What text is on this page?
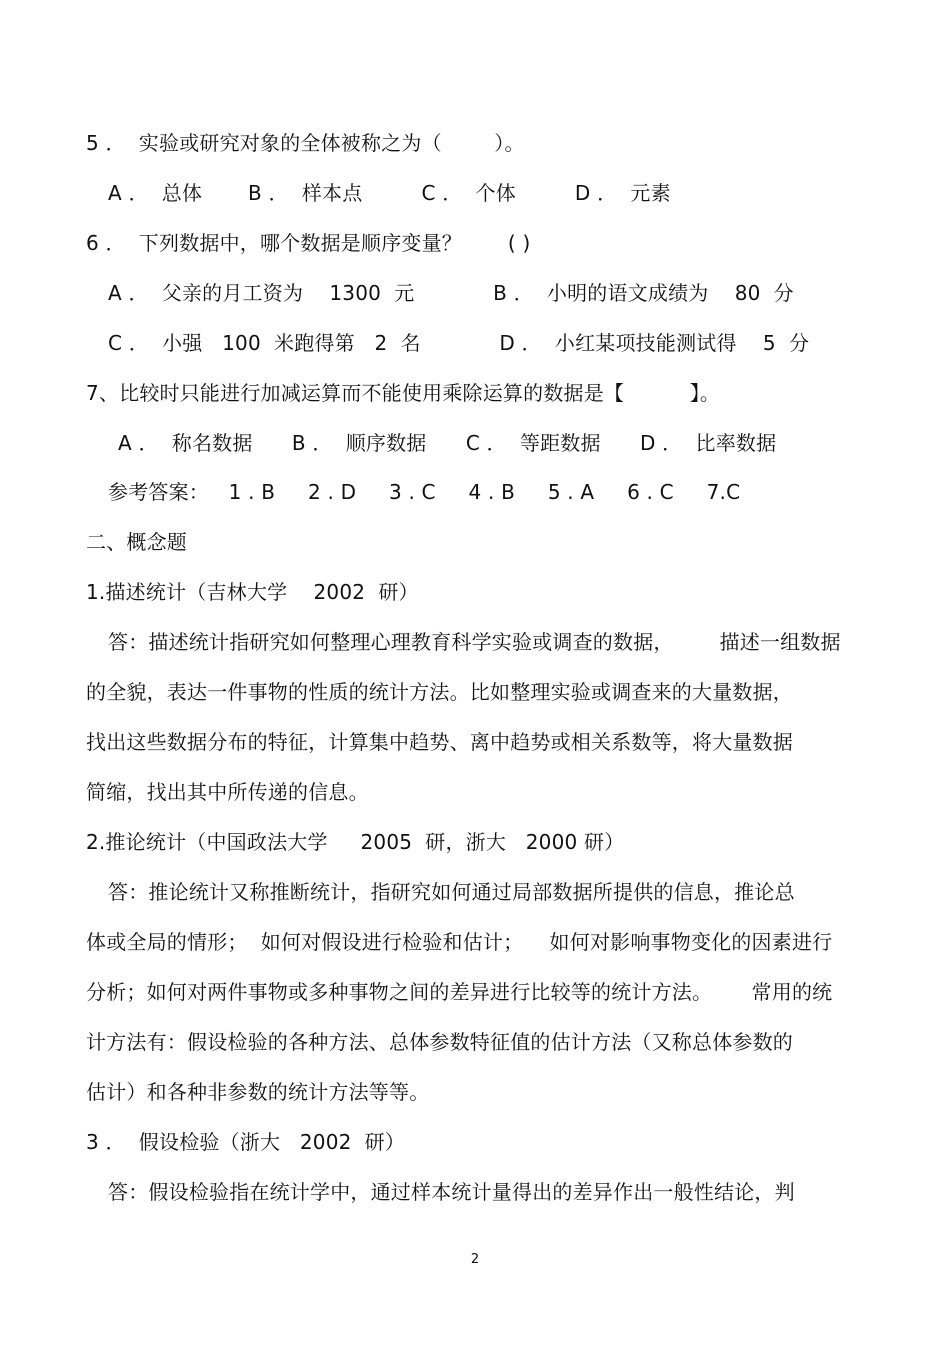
5 ．  实验或研究对象的全体被称之为（        ）。
A ．  总体       B ．  样本点         C ．  个体         D ．  元素
6 ．  下列数据中，哪个数据是顺序变量？       ( )
A ．  父亲的月工资为    1300  元            B ．  小明的语文成绩为    80  分
C ．  小强   100  米跑得第   2  名            D ．  小红某项技能测试得    5  分
7、比较时只能进行加减运算而不能使用乘除运算的数据是【          】。
A ．  称名数据      B ．  顺序数据      C ．  等距数据      D ．  比率数据
参考答案：   1 . B     2 . D     3 . C     4 . B     5 . A     6 . C     7.C
二、概念题
1.描述统计（吉林大学    2002  研）
答：描述统计指研究如何整理心理教育科学实验或调查的数据，       描述一组数据
的全貌，表达一件事物的性质的统计方法。比如整理实验或调查来的大量数据，
找出这些数据分布的特征，计算集中趋势、离中趋势或相关系数等，将大量数据
简缩，找出其中所传递的信息。
2.推论统计（中国政法大学     2005  研，浙大   2000 研）
答：推论统计又称推断统计，指研究如何通过局部数据所提供的信息，推论总
体或全局的情形；  如何对假设进行检验和估计；    如何对影响事物变化的因素进行
分析；如何对两件事物或多种事物之间的差异进行比较等的统计方法。      常用的统
计方法有：假设检验的各种方法、总体参数特征值的估计方法（又称总体参数的
估计）和各种非参数的统计方法等等。
3 ．  假设检验（浙大   2002  研）
答：假设检验指在统计学中，通过样本统计量得出的差异作出一般性结论，判
2
